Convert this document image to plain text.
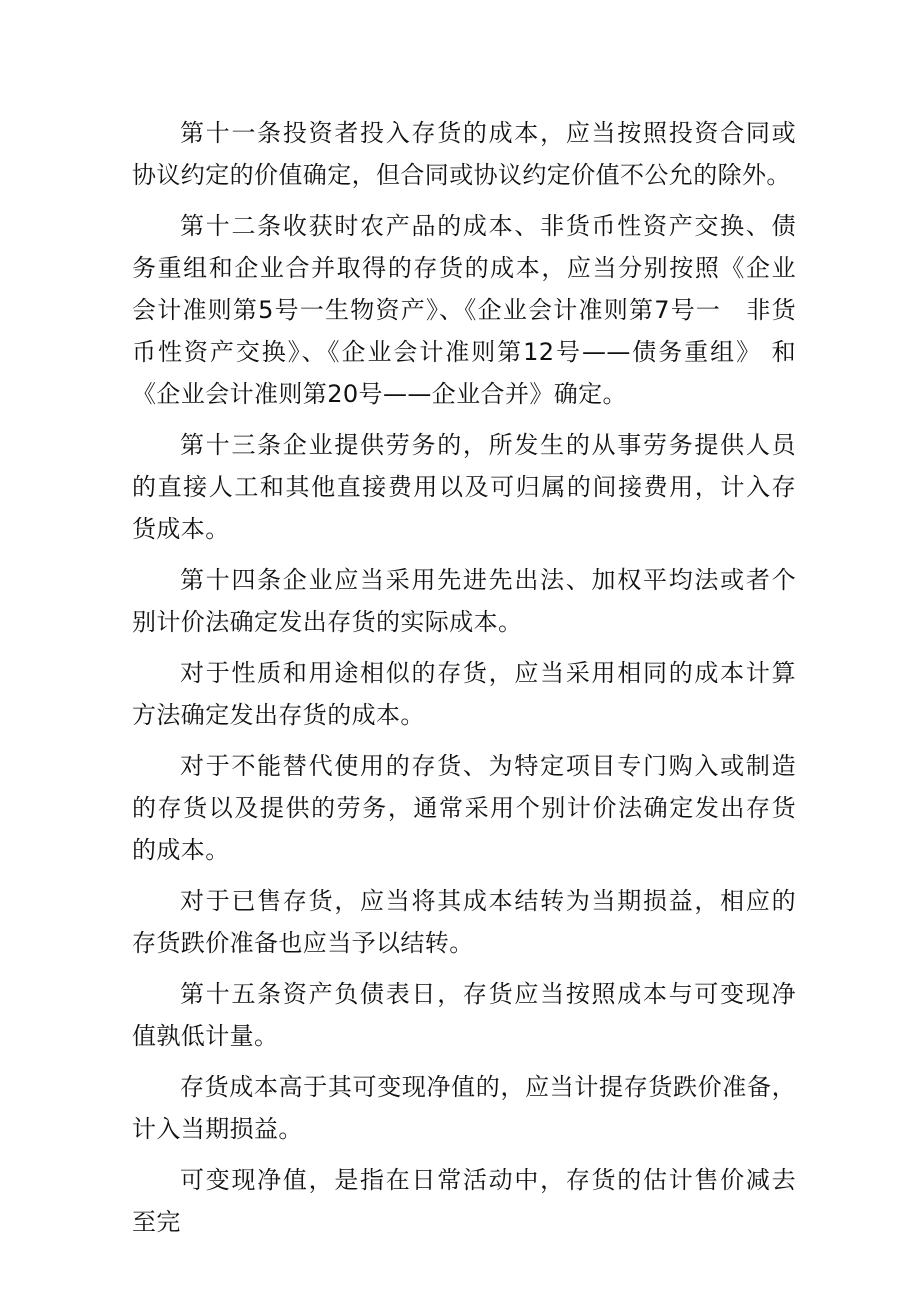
第十一条投资者投入存货的成本，应当按照投资合同或 协议约定的价值确定，但合同或协议约定价值不公允的除外。

第十二条收获时农产品的成本、非货币性资产交换、债 务重组和企业合并取得的存货的成本，应当分别按照《企业 会计准则第5号一生物资产》、《企业会计准则第7号一　非货币性资产交换》、《企业会计准则第12号——债务重组》 和《企业会计准则第20号——企业合并》确定。

第十三条企业提供劳务的，所发生的从事劳务提供人员 的直接人工和其他直接费用以及可归属的间接费用，计入存 货成本。

第十四条企业应当采用先进先出法、加权平均法或者个 别计价法确定发出存货的实际成本。

对于性质和用途相似的存货，应当采用相同的成本计算 方法确定发出存货的成本。

对于不能替代使用的存货、为特定项目专门购入或制造 的存货以及提供的劳务，通常采用个别计价法确定发出存货 的成本。

对于已售存货，应当将其成本结转为当期损益，相应的 存货跌价准备也应当予以结转。

第十五条资产负债表日，存货应当按照成本与可变现净 值孰低计量。

存货成本高于其可变现净值的，应当计提存货跌价准备，计入当期损益。

可变现净值，是指在日常活动中，存货的估计售价减去 至完
